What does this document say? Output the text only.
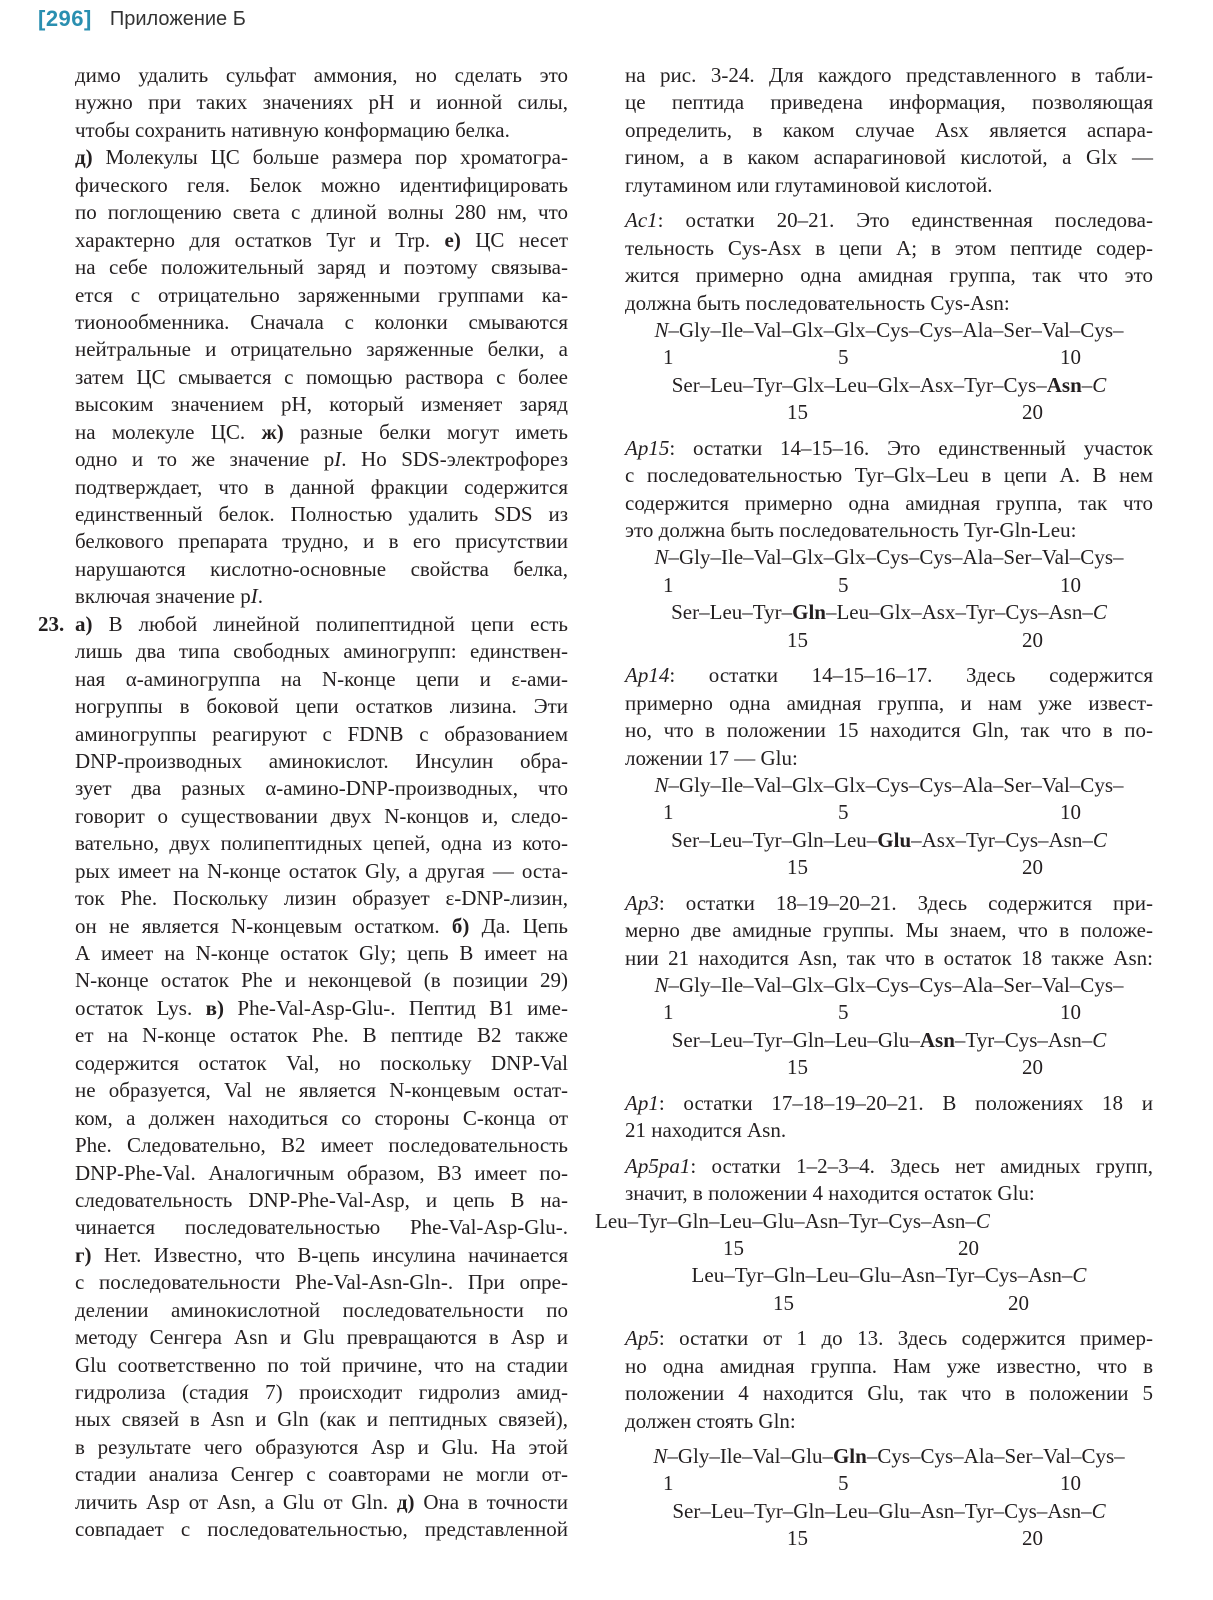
[296] Приложение Б
димо удалить сульфат аммония, но сделать это
нужно при таких значениях pH и ионной силы,
чтобы сохранить нативную конформацию белка.
д) Молекулы ЦС больше размера пор хроматогра-
фического геля. Белок можно идентифицировать
по поглощению света с длиной волны 280 нм, что
характерно для остатков Tyr и Trp. е) ЦС несет
на себе положительный заряд и поэтому связыва-
ется с отрицательно заряженными группами ка-
тионообменника. Сначала с колонки смываются
нейтральные и отрицательно заряженные белки, а
затем ЦС смывается с помощью раствора с более
высоким значением pH, который изменяет заряд
на молекуле ЦС. ж) разные белки могут иметь
одно и то же значение pI. Но SDS-электрофорез
подтверждает, что в данной фракции содержится
единственный белок. Полностью удалить SDS из
белкового препарата трудно, и в его присутствии
нарушаются кислотно-основные свойства белка,
включая значение pI.
23. а) В любой линейной полипептидной цепи есть
лишь два типа свободных аминогрупп: единствен-
ная α-аминогруппа на N-конце цепи и ε-ами-
ногруппы в боковой цепи остатков лизина. Эти
аминогруппы реагируют с FDNB с образованием
DNP-производных аминокислот. Инсулин обра-
зует два разных α-амино-DNP-производных, что
говорит о существовании двух N-концов и, следо-
вательно, двух полипептидных цепей, одна из кото-
рых имеет на N-конце остаток Gly, а другая — оста-
ток Phe. Поскольку лизин образует ε-DNP-лизин,
он не является N-концевым остатком. б) Да. Цепь
А имеет на N-конце остаток Gly; цепь В имеет на
N-конце остаток Phe и неконцевой (в позиции 29)
остаток Lys. в) Phe-Val-Asp-Glu-. Пептид В1 име-
ет на N-конце остаток Phe. В пептиде В2 также
содержится остаток Val, но поскольку DNP-Val
не образуется, Val не является N-концевым остат-
ком, а должен находиться со стороны С-конца от
Phe. Следовательно, В2 имеет последовательность
DNP-Phe-Val. Аналогичным образом, В3 имеет по-
следовательность DNP-Phe-Val-Asp, и цепь В на-
чинается последовательностью Phe-Val-Asp-Glu-.
г) Нет. Известно, что В-цепь инсулина начинается
с последовательности Phe-Val-Asn-Gln-. При опре-
делении аминокислотной последовательности по
методу Сенгера Asn и Glu превращаются в Asp и
Glu соответственно по той причине, что на стадии
гидролиза (стадия 7) происходит гидролиз амид-
ных связей в Asn и Gln (как и пептидных связей),
в результате чего образуются Asp и Glu. На этой
стадии анализа Сенгер с соавторами не могли от-
личить Asp от Asn, а Glu от Gln. д) Она в точности
совпадает с последовательностью, представленной
на рис. 3-24. Для каждого представленного в табли-
це пептида приведена информация, позволяющая
определить, в каком случае Asx является аспара-
гином, а в каком аспарагиновой кислотой, а Glx —
глутамином или глутаминовой кислотой.
Ac1: остатки 20–21. Это единственная последова-
тельность Cys-Asx в цепи А; в этом пептиде содер-
жится примерно одна амидная группа, так что это
должна быть последовательность Cys-Asn:
N–Gly–Ile–Val–Glx–Glx–Cys–Cys–Ala–Ser–Val–Cys–
1	5	10
Ser–Leu–Tyr–Glx–Leu–Glx–Asx–Tyr–Cys–Asn–C
15	20
Ap15: остатки 14–15–16. Это единственный участок
с последовательностью Tyr–Glx–Leu в цепи А. В нем
содержится примерно одна амидная группа, так что
это должна быть последовательность Tyr-Gln-Leu:
N–Gly–Ile–Val–Glx–Glx–Cys–Cys–Ala–Ser–Val–Cys–
1	5	10
Ser–Leu–Tyr–Gln–Leu–Glx–Asx–Tyr–Cys–Asn–C
15	20
Ap14: остатки 14–15–16–17. Здесь содержится
примерно одна амидная группа, и нам уже извест-
но, что в положении 15 находится Gln, так что в по-
ложении 17 — Glu:
N–Gly–Ile–Val–Glx–Glx–Cys–Cys–Ala–Ser–Val–Cys–
1	5	10
Ser–Leu–Tyr–Gln–Leu–Glu–Asx–Tyr–Cys–Asn–C
15	20
Ap3: остатки 18–19–20–21. Здесь содержится при-
мерно две амидные группы. Мы знаем, что в положе-
нии 21 находится Asn, так что в остаток 18 также Asn:
N–Gly–Ile–Val–Glx–Glx–Cys–Cys–Ala–Ser–Val–Cys–
1	5	10
Ser–Leu–Tyr–Gln–Leu–Glu–Asn–Tyr–Cys–Asn–C
15	20
Ap1: остатки 17–18–19–20–21. В положениях 18 и
21 находится Asn.
Ap5pa1: остатки 1–2–3–4. Здесь нет амидных групп,
значит, в положении 4 находится остаток Glu:
Leu–Tyr–Gln–Leu–Glu–Asn–Tyr–Cys–Asn–C
15	20
Leu–Tyr–Gln–Leu–Glu–Asn–Tyr–Cys–Asn–C
15	20
Ap5: остатки от 1 до 13. Здесь содержится пример-
но одна амидная группа. Нам уже известно, что в
положении 4 находится Glu, так что в положении 5
должен стоять Gln:
N–Gly–Ile–Val–Glu–Gln–Cys–Cys–Ala–Ser–Val–Cys–
1	5	10
Ser–Leu–Tyr–Gln–Leu–Glu–Asn–Tyr–Cys–Asn–C
15	20
